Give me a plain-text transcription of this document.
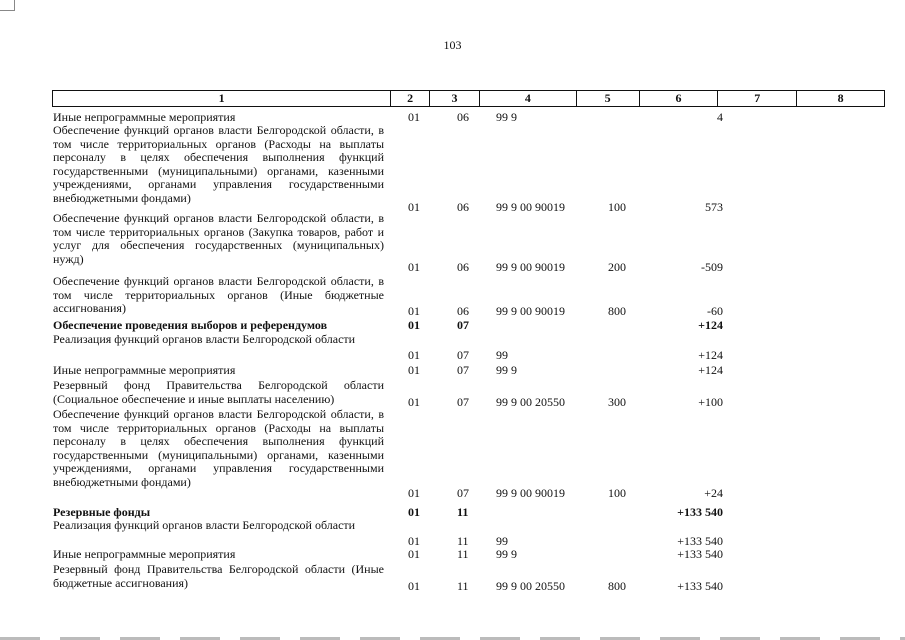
103
1	2	3	4	5	6	7	8
Иные непрограммные мероприятия	01	06 99 9	4
Обеспечение функций органов власти Белгородской области, в том числе территориальных органов (Расходы на выплаты персоналу в целях обеспечения выполнения функций государственными (муниципальными) органами, казенными учреждениями, органами управления государственными внебюджетными фондами)
01	06 99 9 00 90019	100	573
Обеспечение функций органов власти Белгородской области, в том числе территориальных органов (Закупка товаров, работ и услуг для обеспечения государственных (муниципальных) нужд)
01	06 99 9 00 90019	200	-509
Обеспечение функций органов власти Белгородской области, в том числе территориальных органов (Иные бюджетные ассигнования)	01	06 99 9 00 90019	800	-60
Обеспечение проведения выборов и референдумов	01	07	+124
Реализация функций органов власти Белгородской области
01	07 99	+124
Иные непрограммные мероприятия	01	07 99 9	+124
Резервный фонд Правительства Белгородской области (Социальное обеспечение и иные выплаты населению)	01	07 99 9 00 20550	300	+100
Обеспечение функций органов власти Белгородской области, в том числе территориальных органов (Расходы на выплаты персоналу в целях обеспечения выполнения функций государственными (муниципальными) органами, казенными учреждениями, органами управления государственными внебюджетными фондами)
01	07 99 9 00 90019	100	+24
Резервные фонды	01	11	+133 540
Реализация функций органов власти Белгородской области
01	11 99	+133 540
Иные непрограммные мероприятия	01	11 99 9	+133 540
Резервный фонд Правительства Белгородской области (Иные бюджетные ассигнования)	01	11 99 9 00 20550	800	+133 540
